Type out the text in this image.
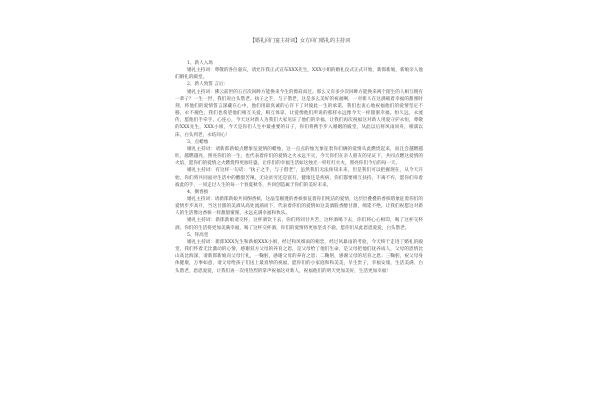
【婚礼回门宴主持词】女方回门婚礼的主持词
1、新人入场
婚礼主持词：尊敬的各位嘉宾，请允许我正式宣布XXX先生，XXX小姐的婚礼仪式正式开始，新郎新娘，新娘亲入他们婚礼的殿堂。
2、新人致誓 言后：
婚礼主持词：佛云前世的五百次回眸方能换来今生的擦肩而过。那么又有多少次回眸方能换来两个陌生的人相互拥有一辈子？一生一世，我们说白头偕老。执子之手，与子偕老，这是多么美好的祝福啊，一对新人在这满载着幸福的甜蜜时刻，将他们的爱情誓言深藏在心中，他们用最真诚的心许下了对彼此一生的承诺，我们也衷心地祝福他们的爱情坚定不移，永不褪色，我们也希望他们相互关爱，相互体谅，让爱像他们所说的那样永远像今天一样甜蜜幸福，恒久远，永流传，愿他们手牵手、心连心，今天这对新人为我们大家见证了他们的幸福，让我们再次祝福这对新人用爱守护永恒，尊敬的XXX先生，XXX小姐，今天是你们人生中最重要的日子，你们将携手步入婚姻的殿堂，从此以后将风雨同舟，相濡以沫，白头到老，永结同心！
3、点蜡烛
婚礼主持词：请新郎新娘点燃象征爱情的蜡烛，这一点点的烛光象征着你们俩的爱情从此燃烧起来，而且会越燃越旺，越燃越亮，照亮你们的一生，也代表着你们的爱情之火永远不灭，今天你们在亲人朋友的见证下，共同点燃这爱情的火焰，愿你们的爱情之火燃烧得更加旺盛，让你们的幸福生活如这烛光一样红红火火，照亮你们今后的每一天。
婚礼主持词：有这样一句话：“执子之手，与子偕老”，虽然我们无法预知未来，但是我们可以把握现在，从今天开始，你们将共同面对生活中的酸甜苦辣，无论贫穷还是富有，健康还是疾病，你们都要相互扶持，不离不弃，愿你们牵着彼此的手，一同走过人生的每一个春夏秋冬，共同创造属于你们的美好未来。
4、倒香槟
婚礼主持词：请新郎新娘共同倒香槟，这晶莹剔透的香槟象征着你们纯洁的爱情，这层层叠叠的香槟塔象征着你们的爱情步步高升，当这甘甜的美酒从高处流淌而下，代表着你们的爱情如这美酒般香醇甘甜，绵延不绝，让我们祝愿这对新人的生活像这香槟一样甜甜蜜蜜，永远充满幸福和快乐。
婚礼主持词：新郎新娘请交杯，这杯酒饮下去，你们将同甘共苦，这杯酒喝下去，你们将心心相印，喝了这杯交杯酒，你们的生活将更加美满幸福，喝了这杯交杯酒，你们的爱情将更加坚贞不渝，愿你们从此恩恩爱爱，白头偕老。
5、拜高堂
婚礼主持词：新郎XXX先生和新娘XXX小姐，经过和风细雨的相恋，经过风暴雨的考验，今天终于走进了婚礼的殿堂，我们怀着无比激动的心情，感谢双方父母的养育之恩，是父母给了他们生命，是父母把他们抚养成人，父母的恩情比山高比海深，请新郎新娘向父母行礼，一鞠躬，感谢父母的养育之恩；二鞠躬，感谢父母的培育之恩；三鞠躬，祝父母身体健康，万事如意，请父母给孩子们送上最真挚的祝福，愿你们的小家庭和和美美，早生贵子，幸福安康，生活美满，白头偕老，恩恩爱爱，让我们再一次用热烈的掌声祝福这对新人，祝福他们的明天更加美好，生活更加幸福！
